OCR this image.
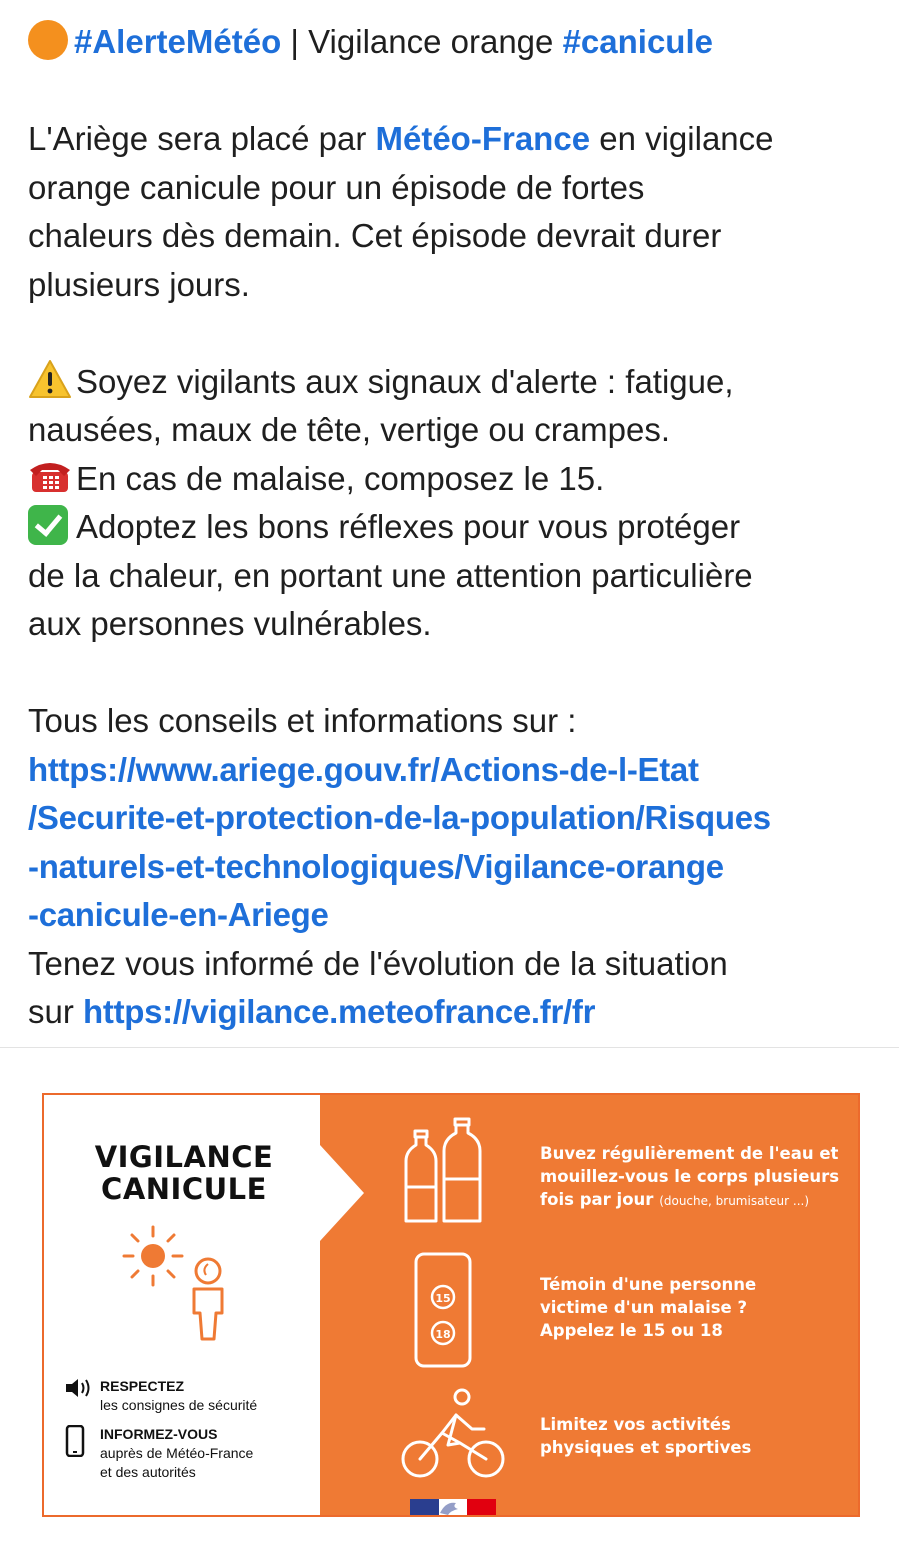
#AlerteMétéo | Vigilance orange #canicule
L'Ariège sera placé par Météo-France en vigilance
orange canicule pour un épisode de fortes
chaleurs dès demain. Cet épisode devrait durer
plusieurs jours.
Soyez vigilants aux signaux d'alerte : fatigue,
nausées, maux de tête, vertige ou crampes.
En cas de malaise, composez le 15.
Adoptez les bons réflexes pour vous protéger
de la chaleur, en portant une attention particulière
aux personnes vulnérables.
Tous les conseils et informations sur :
https://www.ariege.gouv.fr/Actions-de-l-Etat
/Securite-et-protection-de-la-population/Risques
-naturels-et-technologiques/Vigilance-orange
-canicule-en-Ariege
Tenez vous informé de l'évolution de la situation
sur https://vigilance.meteofrance.fr/fr
VIGILANCE
CANICULE
RESPECTEZ
les consignes de sécurité
INFORMEZ-VOUS
auprès de Météo-France
et des autorités
Buvez régulièrement de l'eau et
mouillez-vous le corps plusieurs
fois par jour (douche, brumisateur ...)
15
18
Témoin d'une personne
victime d'un malaise ?
Appelez le 15 ou 18
Limitez vos activités
physiques et sportives
